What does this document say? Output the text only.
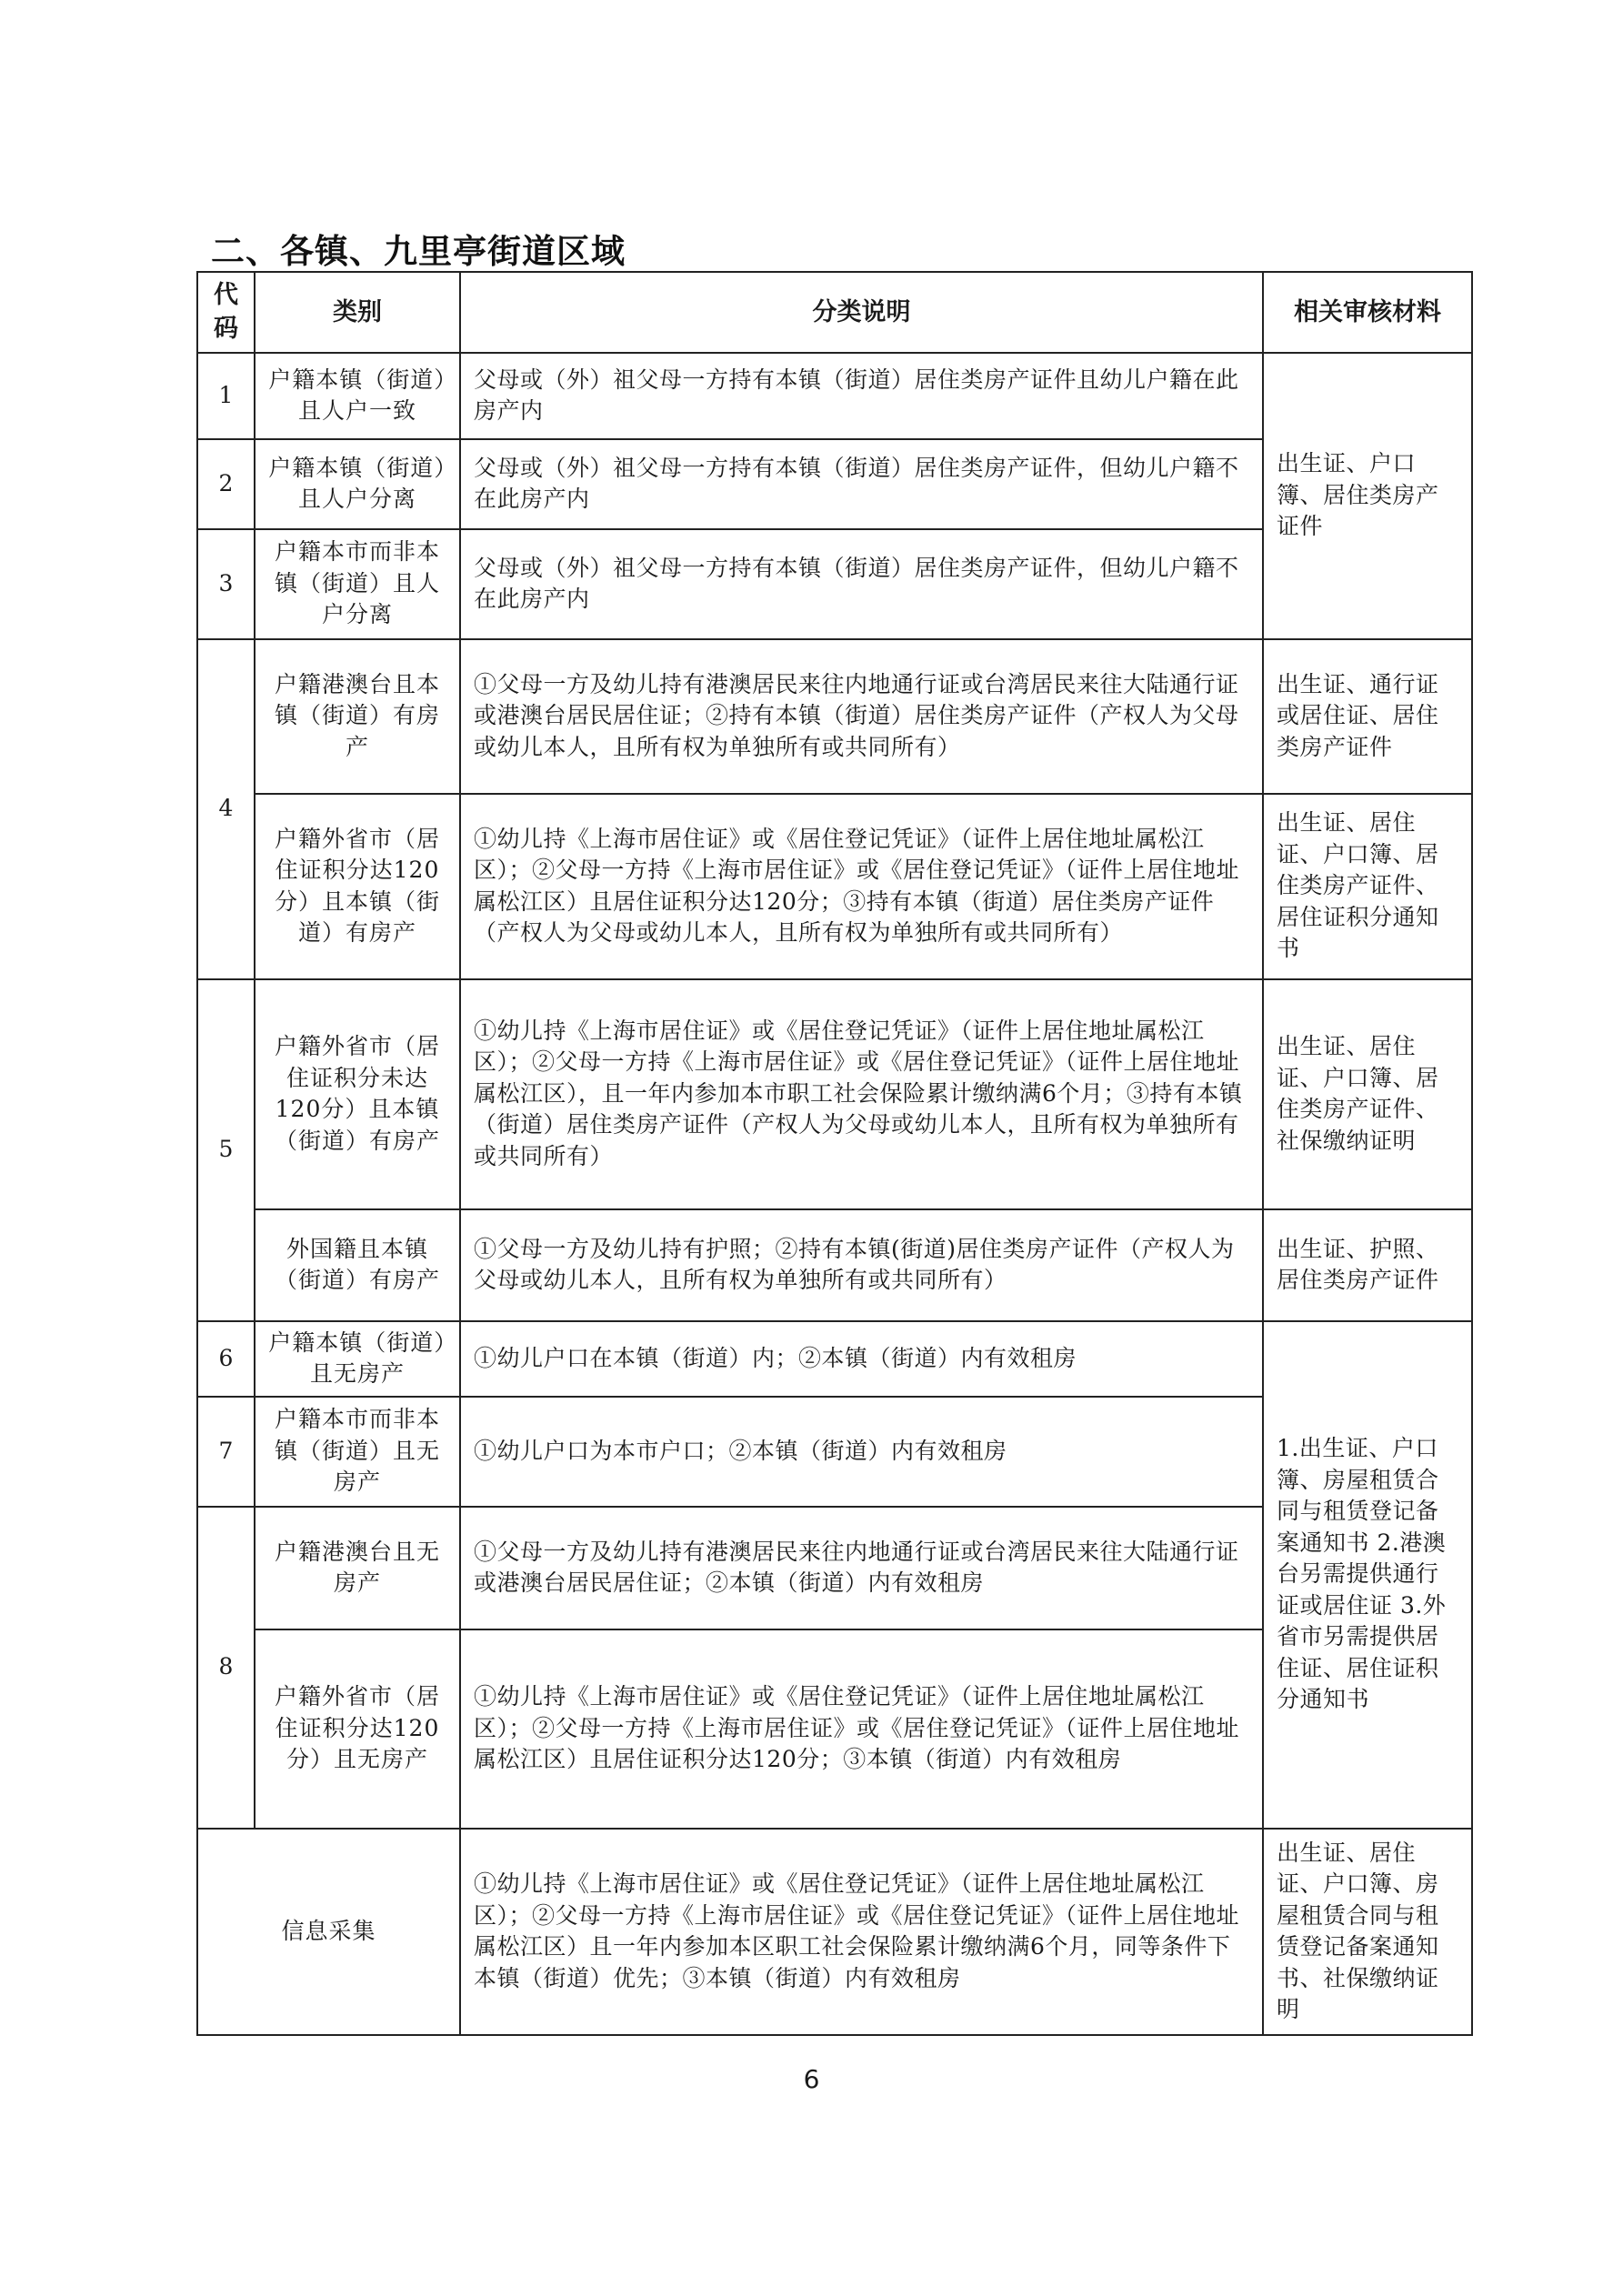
二、各镇、九里亭街道区域
代码	类别	分类说明	相关审核材料
1	户籍本镇（街道）且人户一致	父母或（外）祖父母一方持有本镇（街道）居住类房产证件且幼儿户籍在此房产内	出生证、户口簿、居住类房产证件
2	户籍本镇（街道）且人户分离	父母或（外）祖父母一方持有本镇（街道）居住类房产证件，但幼儿户籍不在此房产内	
3	户籍本市而非本镇（街道）且人户分离	父母或（外）祖父母一方持有本镇（街道）居住类房产证件，但幼儿户籍不在此房产内	
4	户籍港澳台且本镇（街道）有房产	①父母一方及幼儿持有港澳居民来往内地通行证或台湾居民来往大陆通行证或港澳台居民居住证；②持有本镇（街道）居住类房产证件（产权人为父母或幼儿本人，且所有权为单独所有或共同所有）	出生证、通行证或居住证、居住类房产证件
	户籍外省市（居住证积分达120分）且本镇（街道）有房产	①幼儿持《上海市居住证》或《居住登记凭证》（证件上居住地址属松江区）；②父母一方持《上海市居住证》或《居住登记凭证》（证件上居住地址属松江区）且居住证积分达120分；③持有本镇（街道）居住类房产证件（产权人为父母或幼儿本人，且所有权为单独所有或共同所有）	出生证、居住证、户口簿、居住类房产证件、居住证积分通知书
5	户籍外省市（居住证积分未达120分）且本镇（街道）有房产	①幼儿持《上海市居住证》或《居住登记凭证》（证件上居住地址属松江区）；②父母一方持《上海市居住证》或《居住登记凭证》（证件上居住地址属松江区），且一年内参加本市职工社会保险累计缴纳满6个月；③持有本镇（街道）居住类房产证件（产权人为父母或幼儿本人，且所有权为单独所有或共同所有）	出生证、居住证、户口簿、居住类房产证件、社保缴纳证明
	外国籍且本镇（街道）有房产	①父母一方及幼儿持有护照；②持有本镇(街道)居住类房产证件（产权人为父母或幼儿本人，且所有权为单独所有或共同所有）	出生证、护照、居住类房产证件
6	户籍本镇（街道）且无房产	①幼儿户口在本镇（街道）内；②本镇（街道）内有效租房	1.出生证、户口簿、房屋租赁合同与租赁登记备案通知书 2.港澳台另需提供通行证或居住证 3.外省市另需提供居住证、居住证积分通知书
7	户籍本市而非本镇（街道）且无房产	①幼儿户口为本市户口；②本镇（街道）内有效租房	
8	户籍港澳台且无房产	①父母一方及幼儿持有港澳居民来往内地通行证或台湾居民来往大陆通行证或港澳台居民居住证；②本镇（街道）内有效租房	
	户籍外省市（居住证积分达120分）且无房产	①幼儿持《上海市居住证》或《居住登记凭证》（证件上居住地址属松江区）；②父母一方持《上海市居住证》或《居住登记凭证》（证件上居住地址属松江区）且居住证积分达120分；③本镇（街道）内有效租房	
信息采集		①幼儿持《上海市居住证》或《居住登记凭证》（证件上居住地址属松江区）；②父母一方持《上海市居住证》或《居住登记凭证》（证件上居住地址属松江区）且一年内参加本区职工社会保险累计缴纳满6个月，同等条件下本镇（街道）优先；③本镇（街道）内有效租房	出生证、居住证、户口簿、房屋租赁合同与租赁登记备案通知书、社保缴纳证明
6
